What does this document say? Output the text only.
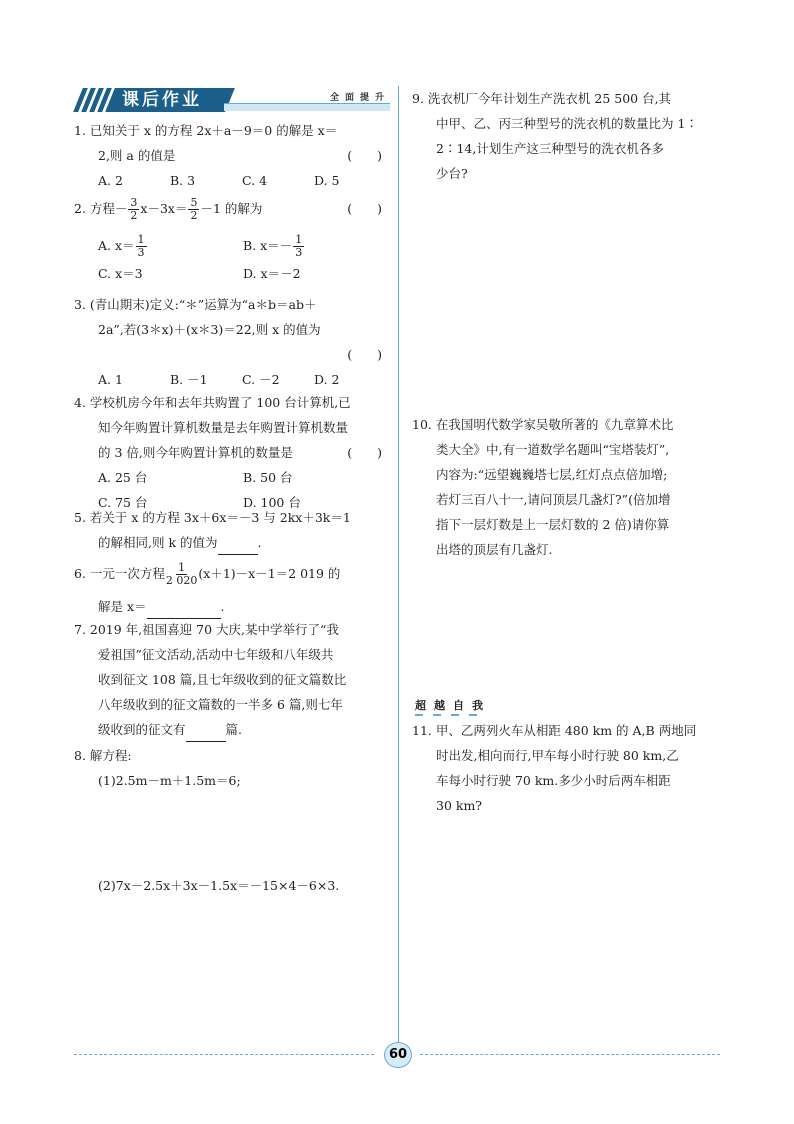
课后作业	全面提升

1. 已知关于 x 的方程 2x＋a－9＝0 的解是 x＝

2,则 a 的值是	(　　)

A. 2	B. 3	C. 4	D. 5

2. 方程－ $\frac{3}{2} x-3x= \frac{5}{2} -1$ 的解为	(　　)

A. $x= \frac{1}{3}$	B. $x=- \frac{1}{3}$
C. x＝3	D. x＝－2

3. (青山期末)定义:“＊”运算为“a＊b＝ab＋

2a”,若(3＊x)＋(x＊3)＝22,则 x 的值为

(　　)

A. 1	B. －1	C. －2	D. 2

4. 学校机房今年和去年共购置了 100 台计算机,已

知今年购置计算机数量是去年购置计算机数量

的 3 倍,则今年购置计算机的数量是	(　　)

A. 25 台	B. 50 台
C. 75 台	D. 100 台

5. 若关于 x 的方程 3x＋6x＝－3 与 2kx＋3k＝1

的解相同,则 k 的值为	.

6. 一元一次方程 $\frac{1}{2 020} (x+1)-x-1=2$ 019 的

解是 x＝	.

7. 2019 年,祖国喜迎 70 大庆,某中学举行了“我

爱祖国”征文活动,活动中七年级和八年级共

收到征文 108 篇,且七年级收到的征文篇数比

八年级收到的征文篇数的一半多 6 篇,则七年

级收到的征文有	篇.

8. 解方程:

(1)2.5m－m＋1.5m＝6;

(2)7x－2.5x＋3x－1.5x＝－15×4－6×3.

9. 洗衣机厂今年计划生产洗衣机 25 500 台,其

中甲、乙、丙三种型号的洗衣机的数量比为 1∶

2∶14,计划生产这三种型号的洗衣机各多

少台?

10. 在我国明代数学家吴敬所著的《九章算术比

类大全》中,有一道数学名题叫“宝塔装灯”,

内容为:“远望巍巍塔七层,红灯点点倍加增;

若灯三百八十一,请问顶层几盏灯?”(倍加增

指下一层灯数是上一层灯数的 2 倍)请你算

出塔的顶层有几盏灯.

超越自我

11. 甲、乙两列火车从相距 480 km 的 A,B 两地同

时出发,相向而行,甲车每小时行驶 80 km,乙

车每小时行驶 70 km.多少小时后两车相距

30 km?

60
